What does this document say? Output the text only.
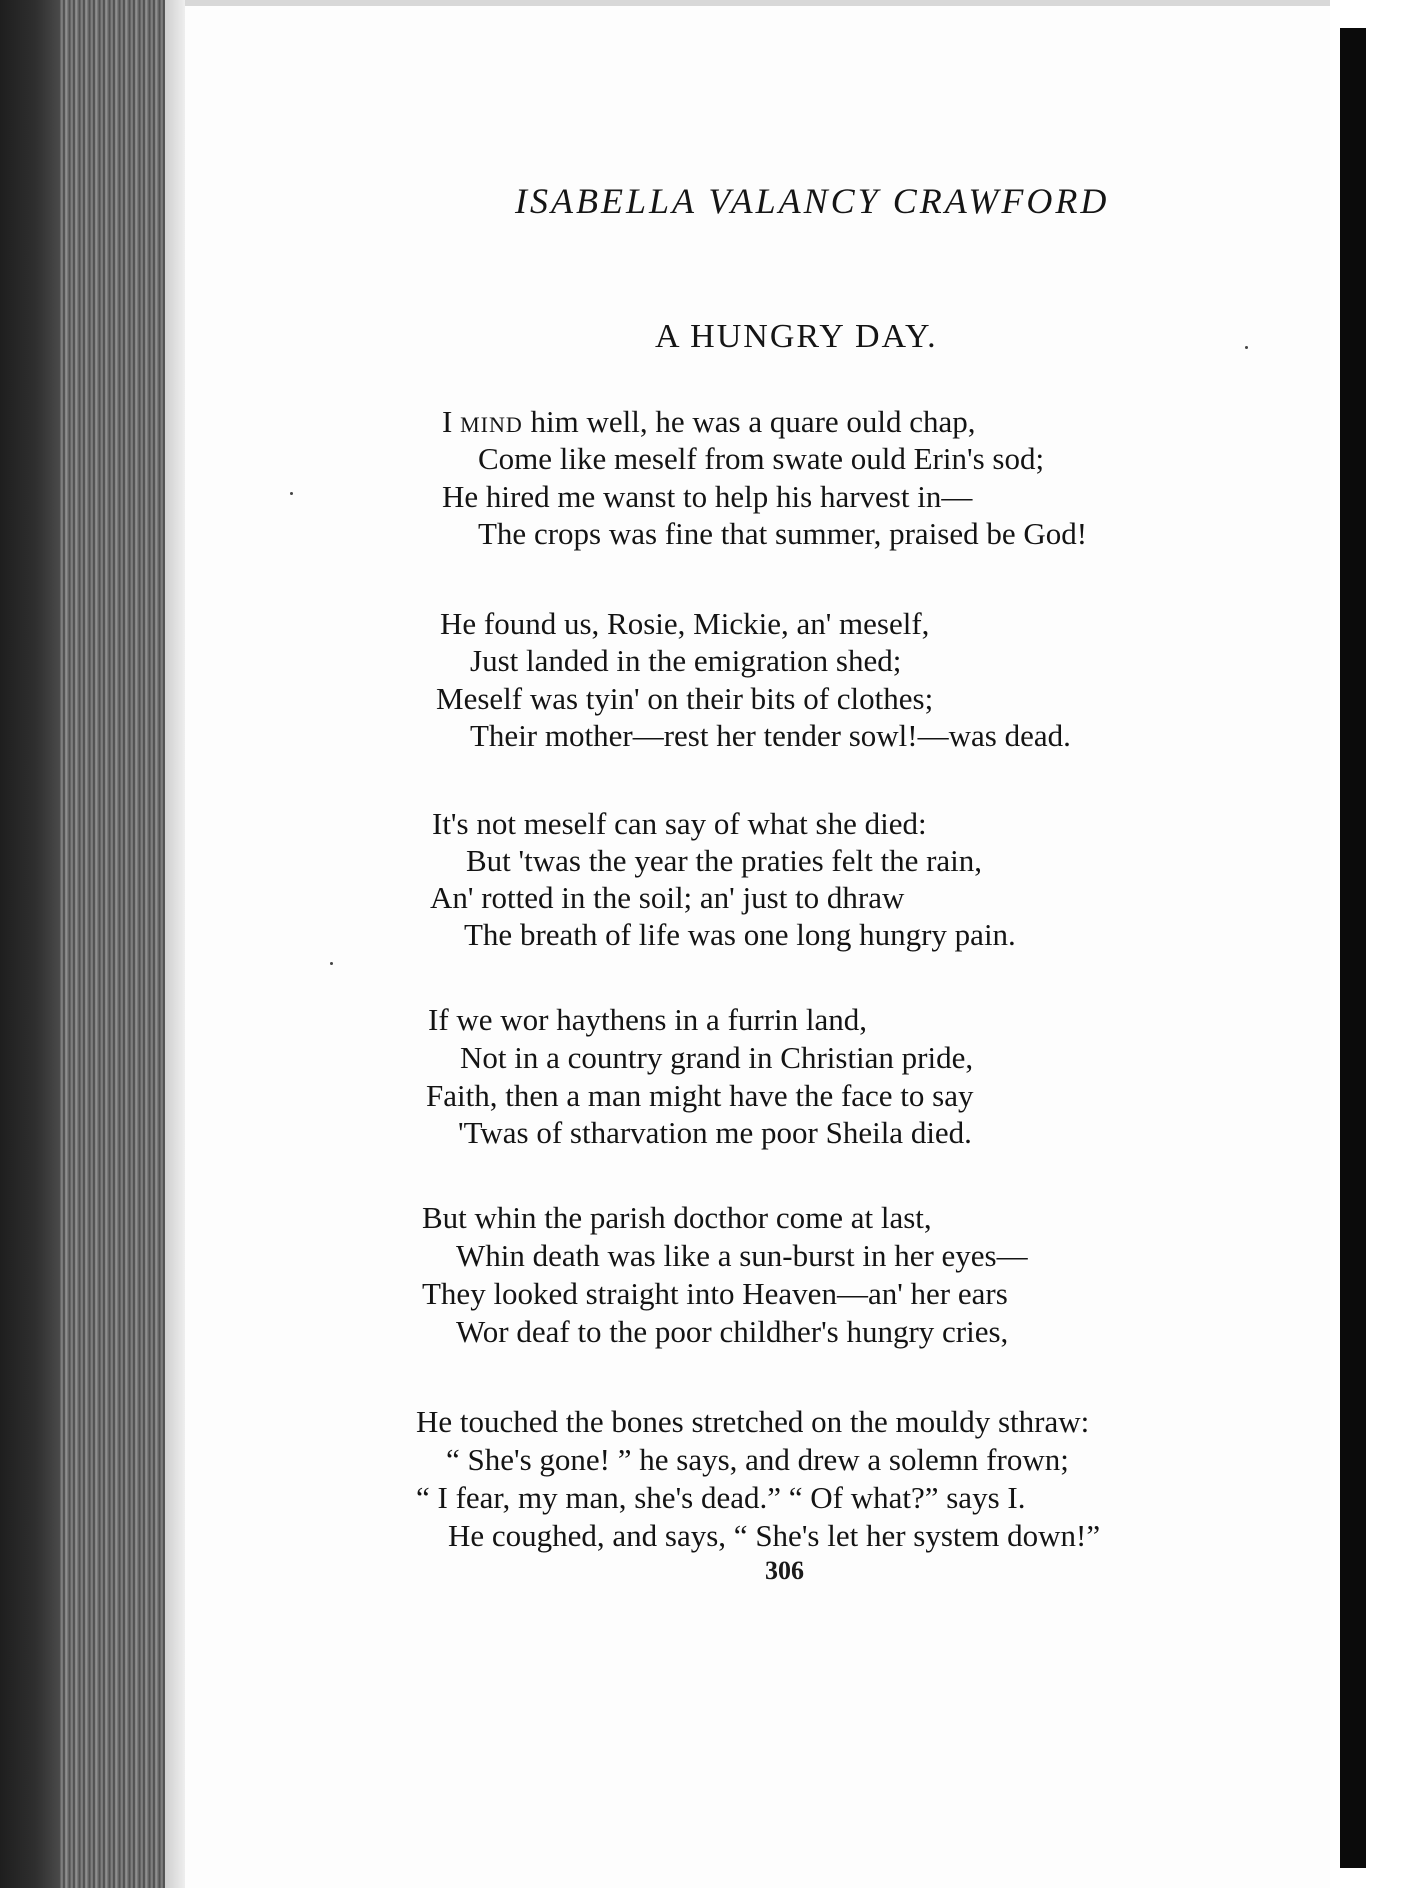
ISABELLA VALANCY CRAWFORD
A HUNGRY DAY.
I mind him well, he was a quare ould chap,
Come like meself from swate ould Erin's sod;
He hired me wanst to help his harvest in—
The crops was fine that summer, praised be God!
He found us, Rosie, Mickie, an' meself,
Just landed in the emigration shed;
Meself was tyin' on their bits of clothes;
Their mother—rest her tender sowl!—was dead.
It's not meself can say of what she died:
But 'twas the year the praties felt the rain,
An' rotted in the soil; an' just to dhraw
The breath of life was one long hungry pain.
If we wor haythens in a furrin land,
Not in a country grand in Christian pride,
Faith, then a man might have the face to say
'Twas of stharvation me poor Sheila died.
But whin the parish docthor come at last,
Whin death was like a sun-burst in her eyes—
They looked straight into Heaven—an' her ears
Wor deaf to the poor childher's hungry cries,
He touched the bones stretched on the mouldy sthraw:
“ She's gone! ” he says, and drew a solemn frown;
“ I fear, my man, she's dead.” “ Of what?” says I.
He coughed, and says, “ She's let her system down!”
306
